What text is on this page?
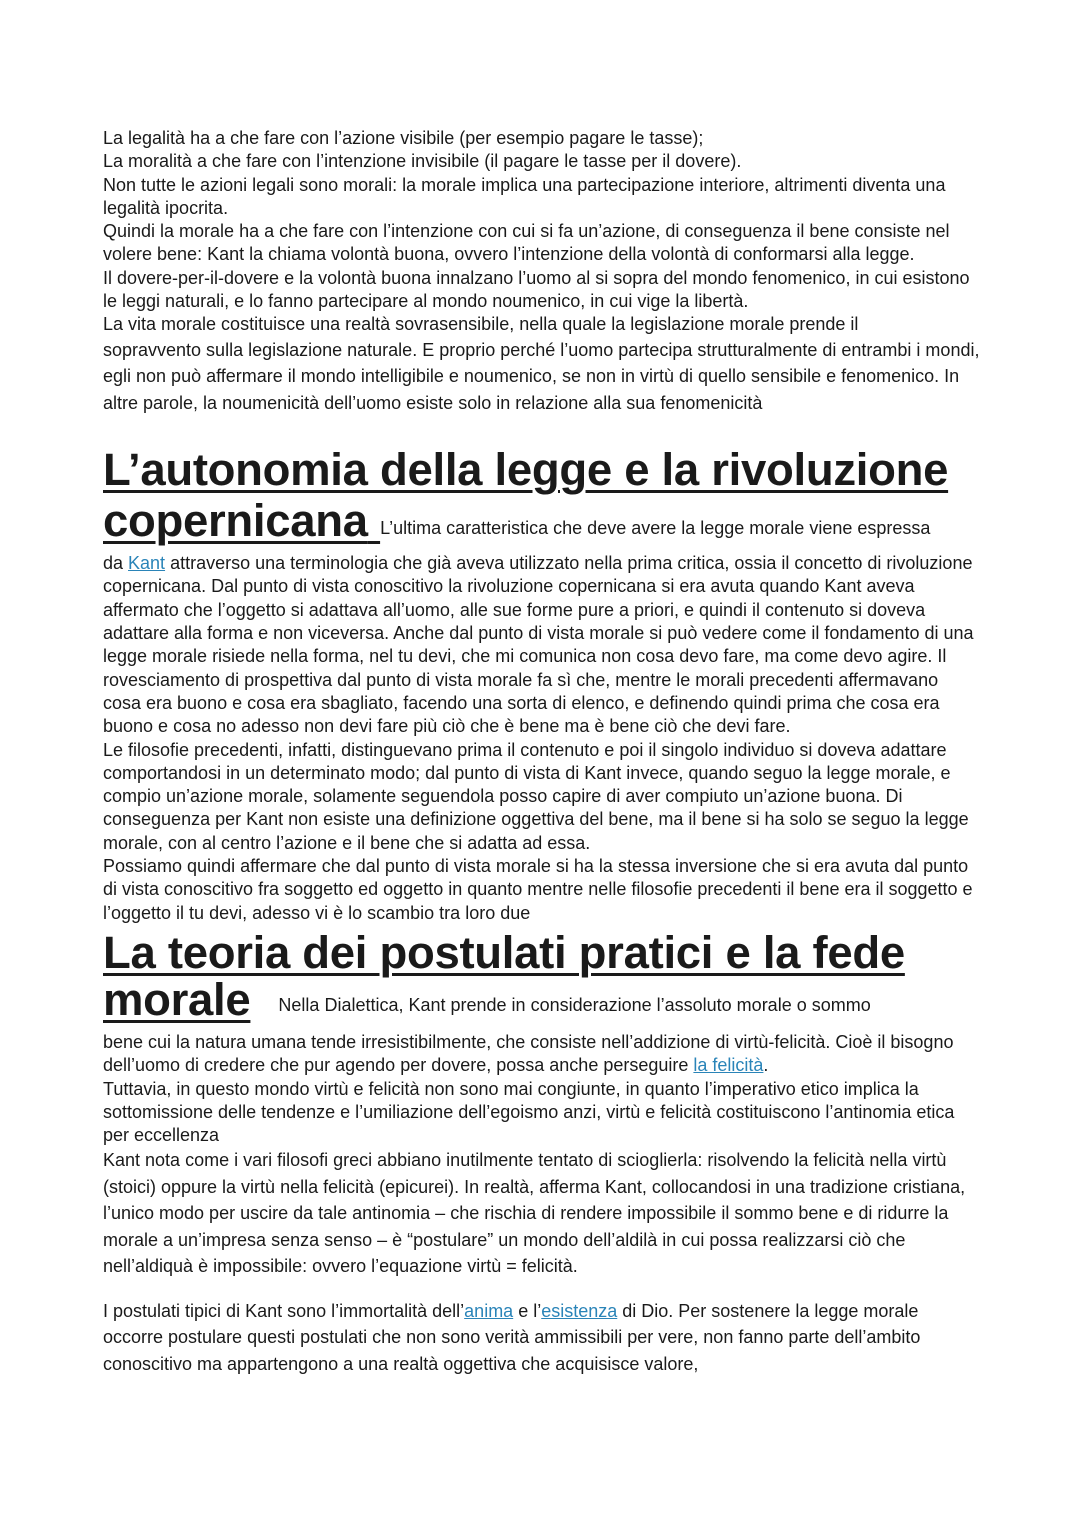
La legalità ha a che fare con l’azione visibile (per esempio pagare le tasse);

La moralità a che fare con l’intenzione invisibile (il pagare le tasse per il dovere).

Non tutte le azioni legali sono morali: la morale implica una partecipazione interiore, altrimenti diventa una legalità ipocrita.

Quindi la morale ha a che fare con l’intenzione con cui si fa un’azione, di conseguenza il bene consiste nel volere bene: Kant la chiama volontà buona, ovvero l’intenzione della volontà di conformarsi alla legge.

Il dovere-per-il-dovere e la volontà buona innalzano l’uomo al si sopra del mondo fenomenico, in cui esistono le leggi naturali, e lo fanno partecipare al mondo noumenico, in cui vige la libertà.

La vita morale costituisce una realtà sovrasensibile, nella quale la legislazione morale prende il

sopravvento sulla legislazione naturale. E proprio perché l’uomo partecipa strutturalmente di entrambi i mondi, egli non può affermare il mondo intelligibile e noumenico, se non in virtù di quello sensibile e fenomenico. In altre parole, la noumenicità dell’uomo esiste solo in relazione alla sua fenomenicità

L’autonomia della legge e la rivoluzione

copernicana L’ultima caratteristica che deve avere la legge morale viene espressa

da Kant attraverso una terminologia che già aveva utilizzato nella prima critica, ossia il concetto di rivoluzione copernicana. Dal punto di vista conoscitivo la rivoluzione copernicana si era avuta quando Kant aveva affermato che l’oggetto si adattava all’uomo, alle sue forme pure a priori, e quindi il contenuto si doveva adattare alla forma e non viceversa. Anche dal punto di vista morale si può vedere come il fondamento di una legge morale risiede nella forma, nel tu devi, che mi comunica non cosa devo fare, ma come devo agire. Il rovesciamento di prospettiva dal punto di vista morale fa sì che, mentre le morali precedenti affermavano cosa era buono e cosa era sbagliato, facendo una sorta di elenco, e definendo quindi prima che cosa era buono e cosa no adesso non devi fare più ciò che è bene ma è bene ciò che devi fare.

Le filosofie precedenti, infatti, distinguevano prima il contenuto e poi il singolo individuo si doveva adattare comportandosi in un determinato modo; dal punto di vista di Kant invece, quando seguo la legge morale, e compio un’azione morale, solamente seguendola posso capire di aver compiuto un’azione buona. Di conseguenza per Kant non esiste una definizione oggettiva del bene, ma il bene si ha solo se seguo la legge morale, con al centro l’azione e il bene che si adatta ad essa.

Possiamo quindi affermare che dal punto di vista morale si ha la stessa inversione che si era avuta dal punto di vista conoscitivo fra soggetto ed oggetto in quanto mentre nelle filosofie precedenti il bene era il soggetto e l’oggetto il tu devi, adesso vi è lo scambio tra loro due

La teoria dei postulati pratici e la fede

morale Nella Dialettica, Kant prende in considerazione l’assoluto morale o sommo

bene cui la natura umana tende irresistibilmente, che consiste nell’addizione di virtù-felicità. Cioè il bisogno dell’uomo di credere che pur agendo per dovere, possa anche perseguire la felicità.

Tuttavia, in questo mondo virtù e felicità non sono mai congiunte, in quanto l’imperativo etico implica la sottomissione delle tendenze e l’umiliazione dell’egoismo anzi, virtù e felicità costituiscono l’antinomia etica per eccellenza

Kant nota come i vari filosofi greci abbiano inutilmente tentato di scioglierla: risolvendo la felicità nella virtù (stoici) oppure la virtù nella felicità (epicurei). In realtà, afferma Kant, collocandosi in una tradizione cristiana, l’unico modo per uscire da tale antinomia – che rischia di rendere impossibile il sommo bene e di ridurre la morale a un’impresa senza senso – è “postulare” un mondo dell’aldilà in cui possa realizzarsi ciò che nell’aldiquà è impossibile: ovvero l’equazione virtù = felicità.

I postulati tipici di Kant sono l’immortalità dell’anima e l’esistenza di Dio. Per sostenere la legge morale occorre postulare questi postulati che non sono verità ammissibili per vere, non fanno parte dell’ambito conoscitivo ma appartengono a una realtà oggettiva che acquisisce valore,
